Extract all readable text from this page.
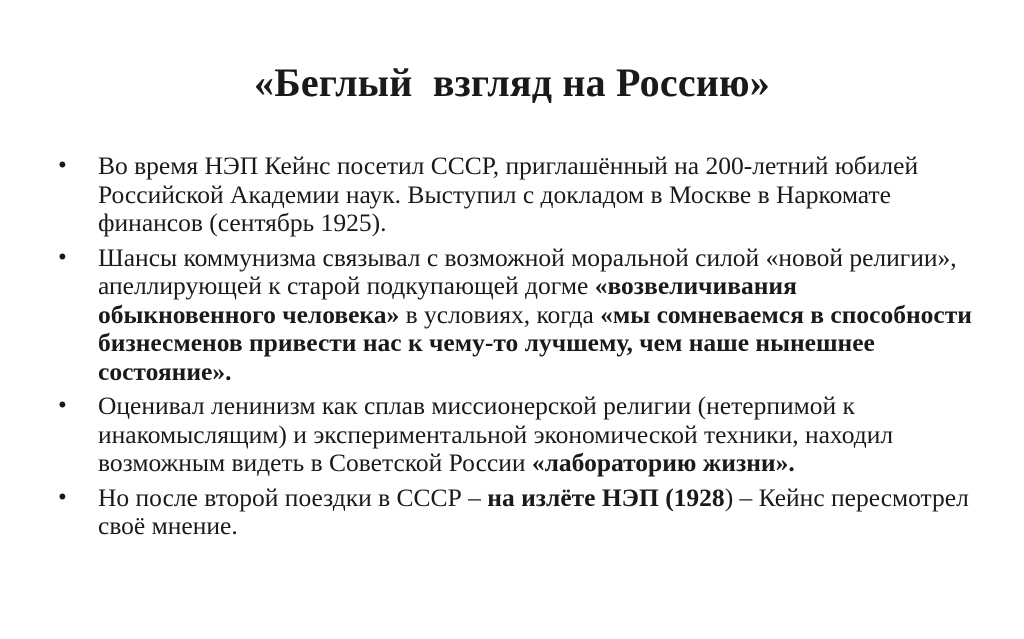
«Беглый  взгляд на Россию»
•	Во время НЭП Кейнс посетил СССР, приглашённый на 200-летний юбилей Российской Академии наук. Выступил с докладом в Москве в Наркомате финансов (сентябрь 1925).
•	Шансы коммунизма связывал с возможной моральной силой «новой религии», апеллирующей к старой подкупающей догме «возвеличивания обыкновенного человека» в условиях, когда «мы сомневаемся в способности бизнесменов привести нас к чему-то лучшему, чем наше нынешнее состояние».
•	Оценивал ленинизм как сплав миссионерской религии (нетерпимой к инакомыслящим) и экспериментальной экономической техники, находил    возможным видеть в Советской России «лабораторию жизни».
•	Но после второй поездки в СССР – на излёте НЭП (1928) – Кейнс пересмотрел своё мнение.
